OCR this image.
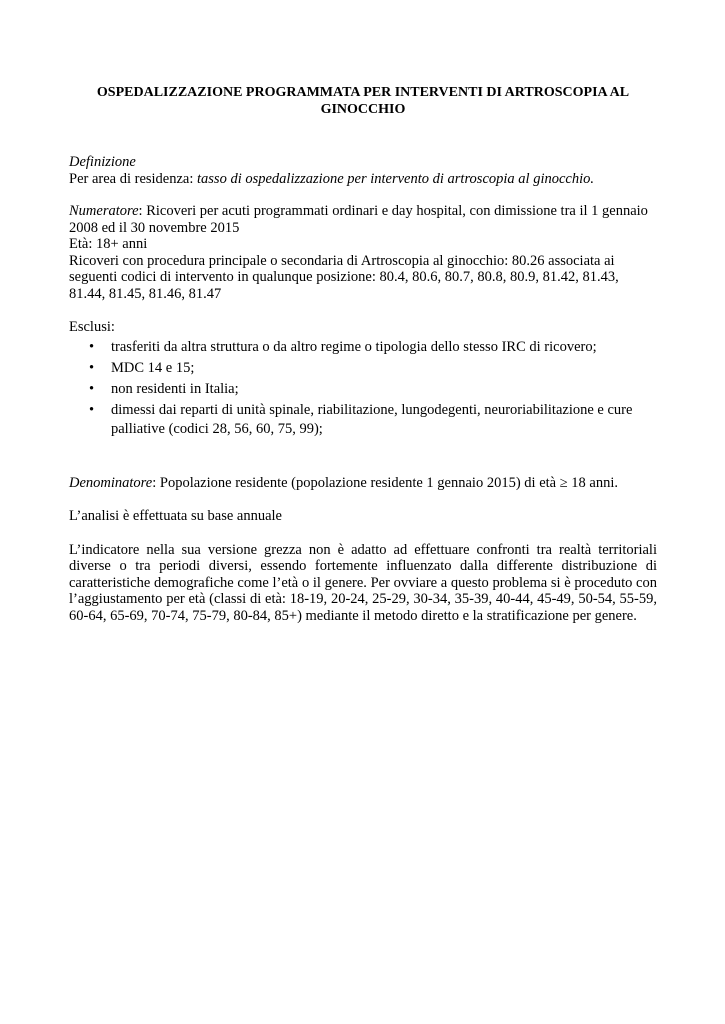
OSPEDALIZZAZIONE PROGRAMMATA PER INTERVENTI DI ARTROSCOPIA AL
GINOCCHIO

Definizione

Per area di residenza: tasso di ospedalizzazione per intervento di artroscopia al ginocchio.

Numeratore: Ricoveri per acuti programmati ordinari e day hospital, con dimissione tra il 1 gennaio 2008 ed il 30 novembre 2015

Età: 18+ anni

Ricoveri con procedura principale o secondaria di Artroscopia al ginocchio: 80.26 associata ai seguenti codici di intervento in qualunque posizione: 80.4, 80.6, 80.7, 80.8, 80.9, 81.42, 81.43, 81.44, 81.45, 81.46, 81.47

Esclusi:

• trasferiti da altra struttura o da altro regime o tipologia dello stesso IRC di ricovero;
• MDC 14 e 15;
• non residenti in Italia;
• dimessi dai reparti di unità spinale, riabilitazione, lungodegenti, neuroriabilitazione e cure palliative (codici 28, 56, 60, 75, 99);

Denominatore: Popolazione residente (popolazione residente 1 gennaio 2015) di età ≥ 18 anni.

L’analisi è effettuata su base annuale

L’indicatore nella sua versione grezza non è adatto ad effettuare confronti tra realtà territoriali diverse o tra periodi diversi, essendo fortemente influenzato dalla differente distribuzione di caratteristiche demografiche come l’età o il genere. Per ovviare a questo problema si è proceduto con l’aggiustamento per età (classi di età: 18-19, 20-24, 25-29, 30-34, 35-39, 40-44, 45-49, 50-54, 55-59, 60-64, 65-69, 70-74, 75-79, 80-84, 85+) mediante il metodo diretto e la stratificazione per genere.
